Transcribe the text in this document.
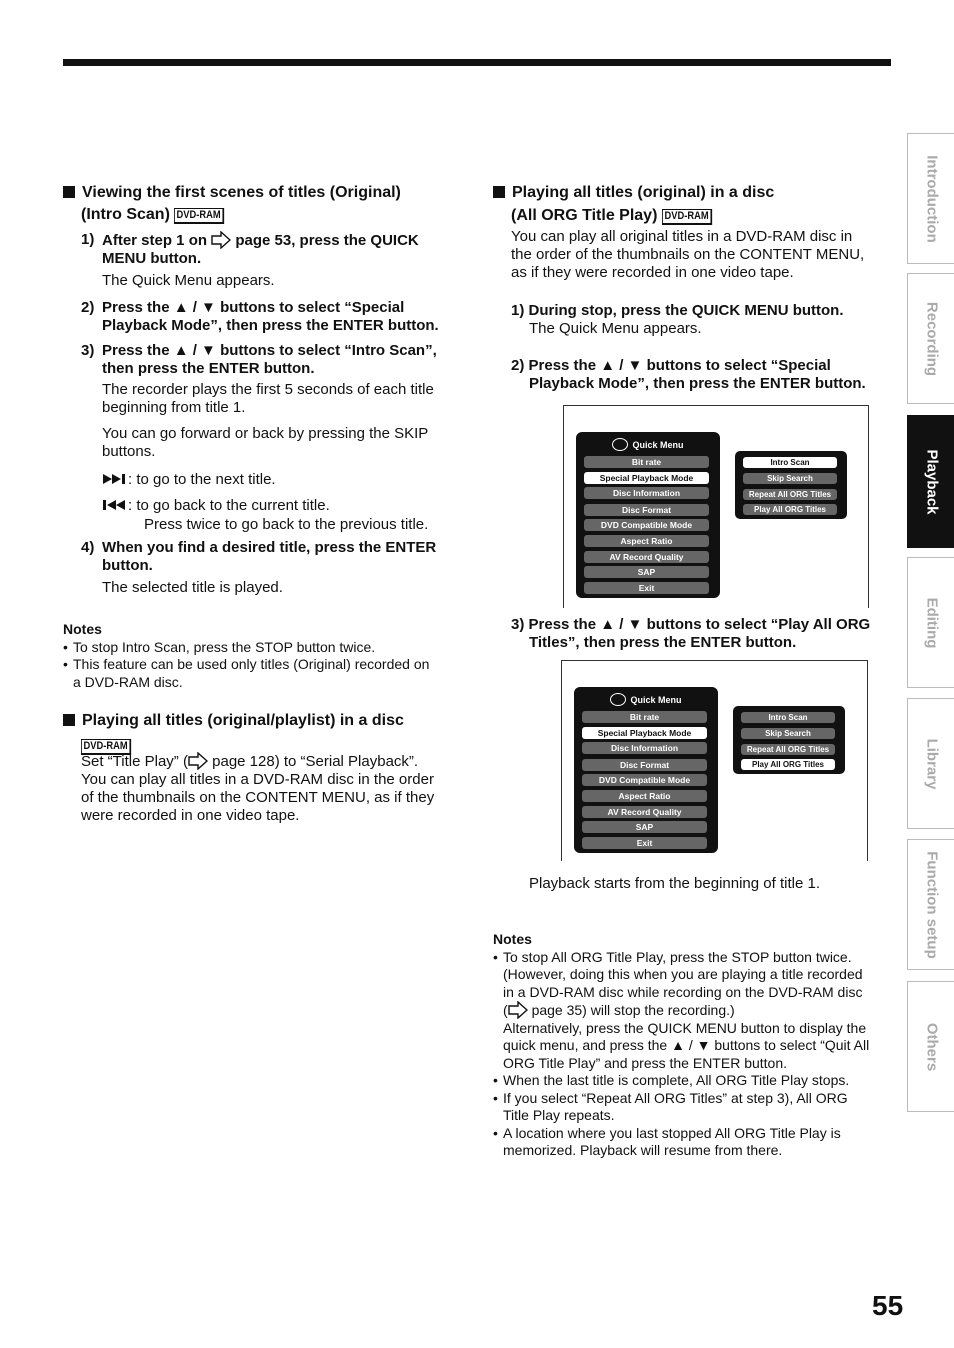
Viewing the first scenes of titles (Original)
(Intro Scan) DVD-RAM
1) After step 1 on page 53, press the QUICK
MENU button.
The Quick Menu appears.
2) Press the ▲ / ▼ buttons to select “Special
Playback Mode”, then press the ENTER button.
3) Press the ▲ / ▼ buttons to select “Intro Scan”,
then press the ENTER button.
The recorder plays the first 5 seconds of each title
beginning from title 1.
You can go forward or back by pressing the SKIP
buttons.
: to go to the next title.
: to go back to the current title.
Press twice to go back to the previous title.
4) When you find a desired title, press the ENTER
button.
The selected title is played.
Notes
• To stop Intro Scan, press the STOP button twice.
• This feature can be used only titles (Original) recorded on
a DVD-RAM disc.
Playing all titles (original/playlist) in a disc
DVD-RAM
Set “Title Play” ( page 128) to “Serial Playback”.
You can play all titles in a DVD-RAM disc in the order
of the thumbnails on the CONTENT MENU, as if they
were recorded in one video tape.
Playing all titles (original) in a disc
(All ORG Title Play) DVD-RAM
You can play all original titles in a DVD-RAM disc in
the order of the thumbnails on the CONTENT MENU,
as if they were recorded in one video tape.
1) During stop, press the QUICK MENU button.
The Quick Menu appears.
2) Press the ▲ / ▼ buttons to select “Special
Playback Mode”, then press the ENTER button.
Quick Menu
Bit rate
Special Playback Mode
Disc Information
Disc Format
DVD Compatible Mode
Aspect Ratio
AV Record Quality
SAP
Exit
Intro Scan
Skip Search
Repeat All ORG Titles
Play All ORG Titles
3) Press the ▲ / ▼ buttons to select “Play All ORG
Titles”, then press the ENTER button.
Quick Menu
Bit rate
Special Playback Mode
Disc Information
Disc Format
DVD Compatible Mode
Aspect Ratio
AV Record Quality
SAP
Exit
Intro Scan
Skip Search
Repeat All ORG Titles
Play All ORG Titles
Playback starts from the beginning of title 1.
Notes
• To stop All ORG Title Play, press the STOP button twice.
(However, doing this when you are playing a title recorded
in a DVD-RAM disc while recording on the DVD-RAM disc
( page 35) will stop the recording.)
Alternatively, press the QUICK MENU button to display the
quick menu, and press the ▲ / ▼ buttons to select “Quit All
ORG Title Play” and press the ENTER button.
• When the last title is complete, All ORG Title Play stops.
• If you select “Repeat All ORG Titles” at step 3), All ORG
Title Play repeats.
• A location where you last stopped All ORG Title Play is
memorized. Playback will resume from there.
Introduction
Recording
Playback
Editing
Library
Function setup
Others
55
